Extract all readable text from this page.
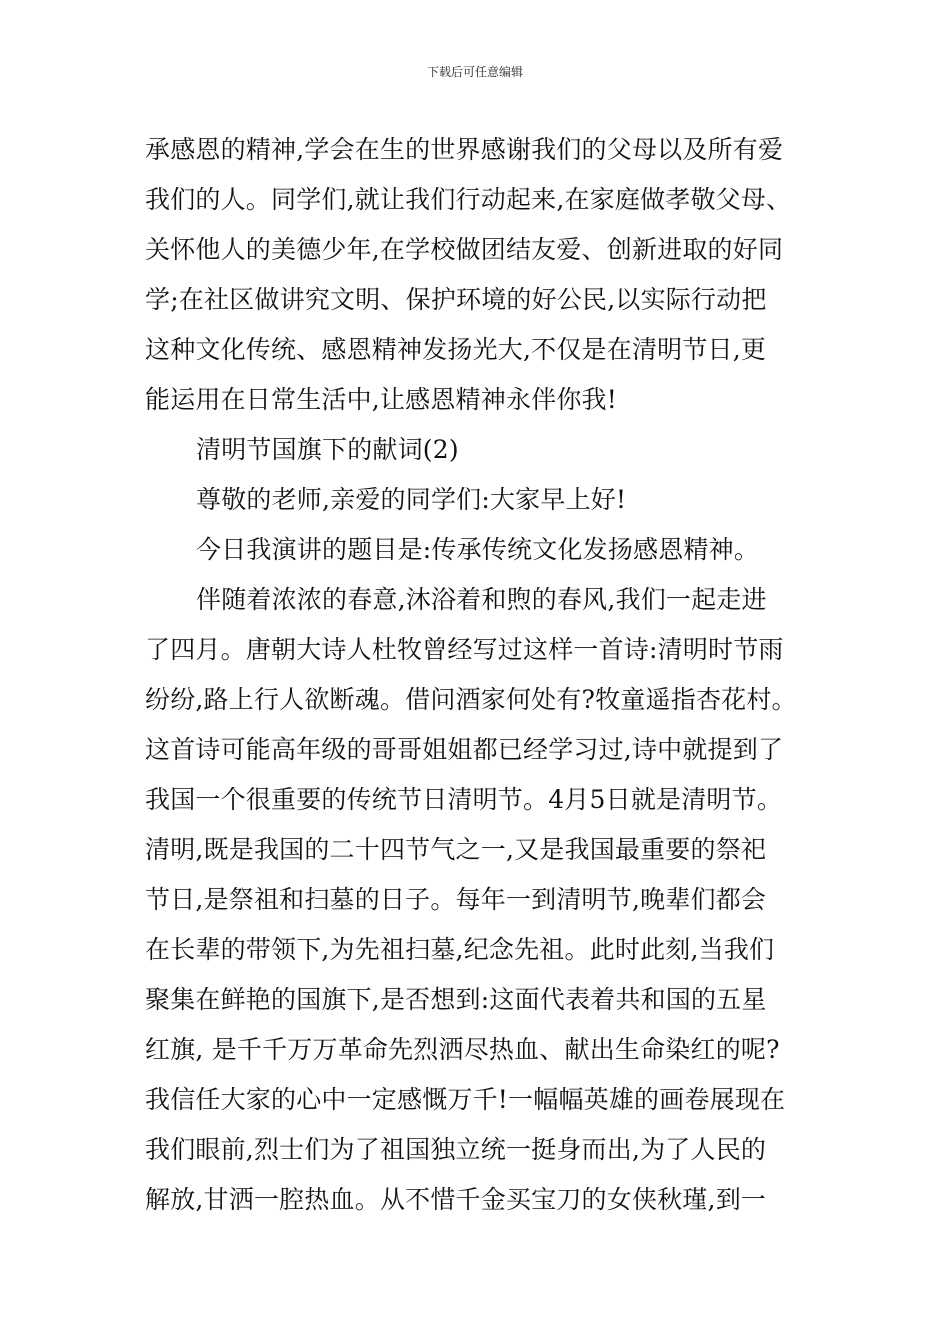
下载后可任意编辑
承感恩的精神,学会在生的世界感谢我们的父母以及所有爱
我们的人。同学们,就让我们行动起来,在家庭做孝敬父母、
关怀他人的美德少年,在学校做团结友爱、创新进取的好同
学;在社区做讲究文明、保护环境的好公民,以实际行动把
这种文化传统、感恩精神发扬光大,不仅是在清明节日,更
能运用在日常生活中,让感恩精神永伴你我!
清明节国旗下的献词(2)
尊敬的老师,亲爱的同学们:大家早上好!
今日我演讲的题目是:传承传统文化发扬感恩精神。
伴随着浓浓的春意,沐浴着和煦的春风,我们一起走进
了四月。唐朝大诗人杜牧曾经写过这样一首诗:清明时节雨
纷纷,路上行人欲断魂。借问酒家何处有?牧童遥指杏花村。
这首诗可能高年级的哥哥姐姐都已经学习过,诗中就提到了
我国一个很重要的传统节日清明节。4月5日就是清明节。
清明,既是我国的二十四节气之一,又是我国最重要的祭祀
节日,是祭祖和扫墓的日子。每年一到清明节,晚辈们都会
在长辈的带领下,为先祖扫墓,纪念先祖。此时此刻,当我们
聚集在鲜艳的国旗下,是否想到:这面代表着共和国的五星
红旗, 是千千万万革命先烈洒尽热血、献出生命染红的呢?
我信任大家的心中一定感慨万千!一幅幅英雄的画卷展现在
我们眼前,烈士们为了祖国独立统一挺身而出,为了人民的
解放,甘洒一腔热血。从不惜千金买宝刀的女侠秋瑾,到一
